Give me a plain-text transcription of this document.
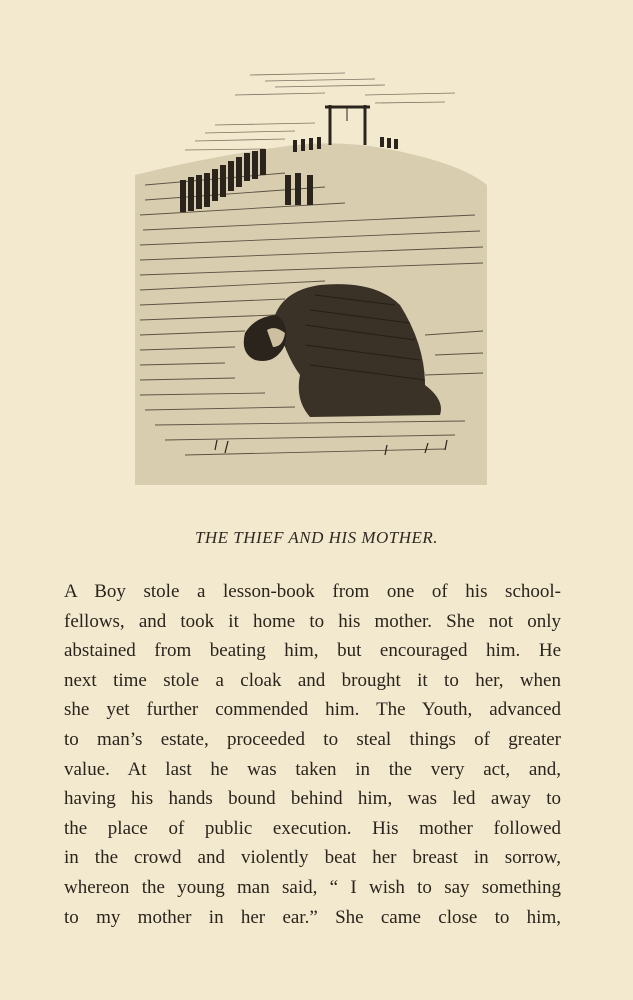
THE THIEF AND HIS MOTHER.
A Boy stole a lesson-book from one of his school-
fellows, and took it home to his mother. She not only
abstained from beating him, but encouraged him. He
next time stole a cloak and brought it to her, when
she yet further commended him. The Youth, advanced
to man’s estate, proceeded to steal things of greater
value. At last he was taken in the very act, and,
having his hands bound behind him, was led away to
the place of public execution. His mother followed
in the crowd and violently beat her breast in sorrow,
whereon the young man said, “ I wish to say something
to my mother in her ear.” She came close to him,
